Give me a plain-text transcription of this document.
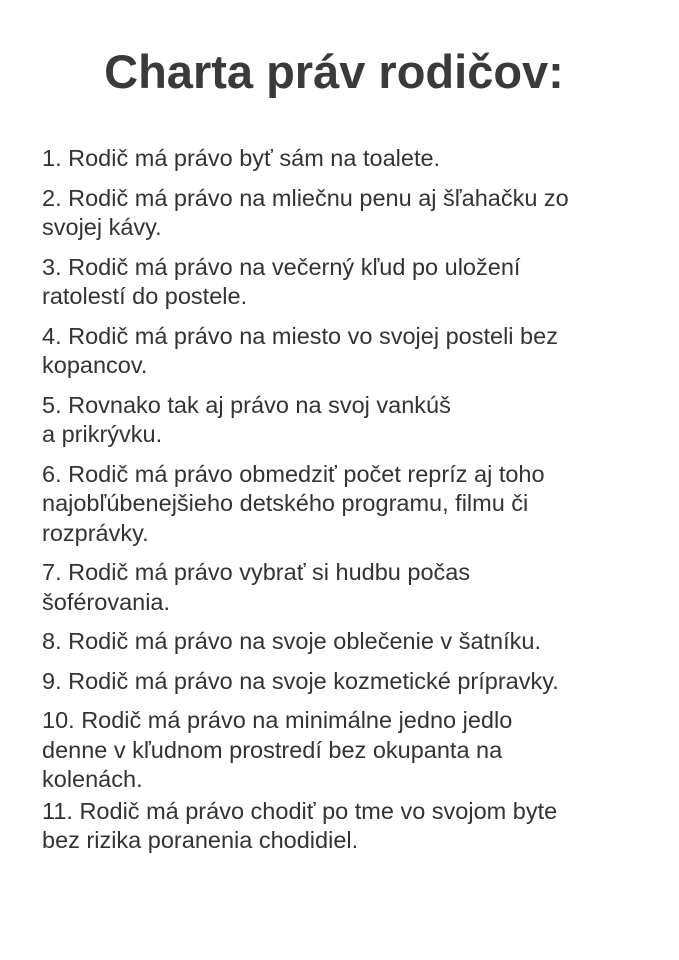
Charta práv rodičov:
1. Rodič má právo byť sám na toalete.
2. Rodič má právo na mliečnu penu aj šľahačku zo
svojej kávy.
3. Rodič má právo na večerný kľud po uložení
ratolestí do postele.
4. Rodič má právo na miesto vo svojej posteli bez
kopancov.
5. Rovnako tak aj právo na svoj vankúš
a prikrývku.
6. Rodič má právo obmedziť počet repríz aj toho
najobľúbenejšieho detského programu, filmu či
rozprávky.
7. Rodič má právo vybrať si hudbu počas
šoférovania.
8. Rodič má právo na svoje oblečenie v šatníku.
9. Rodič má právo na svoje kozmetické prípravky.
10. Rodič má právo na minimálne jedno jedlo
denne v kľudnom prostredí bez okupanta na
kolenách.
11. Rodič má právo chodiť po tme vo svojom byte
bez rizika poranenia chodidiel.
